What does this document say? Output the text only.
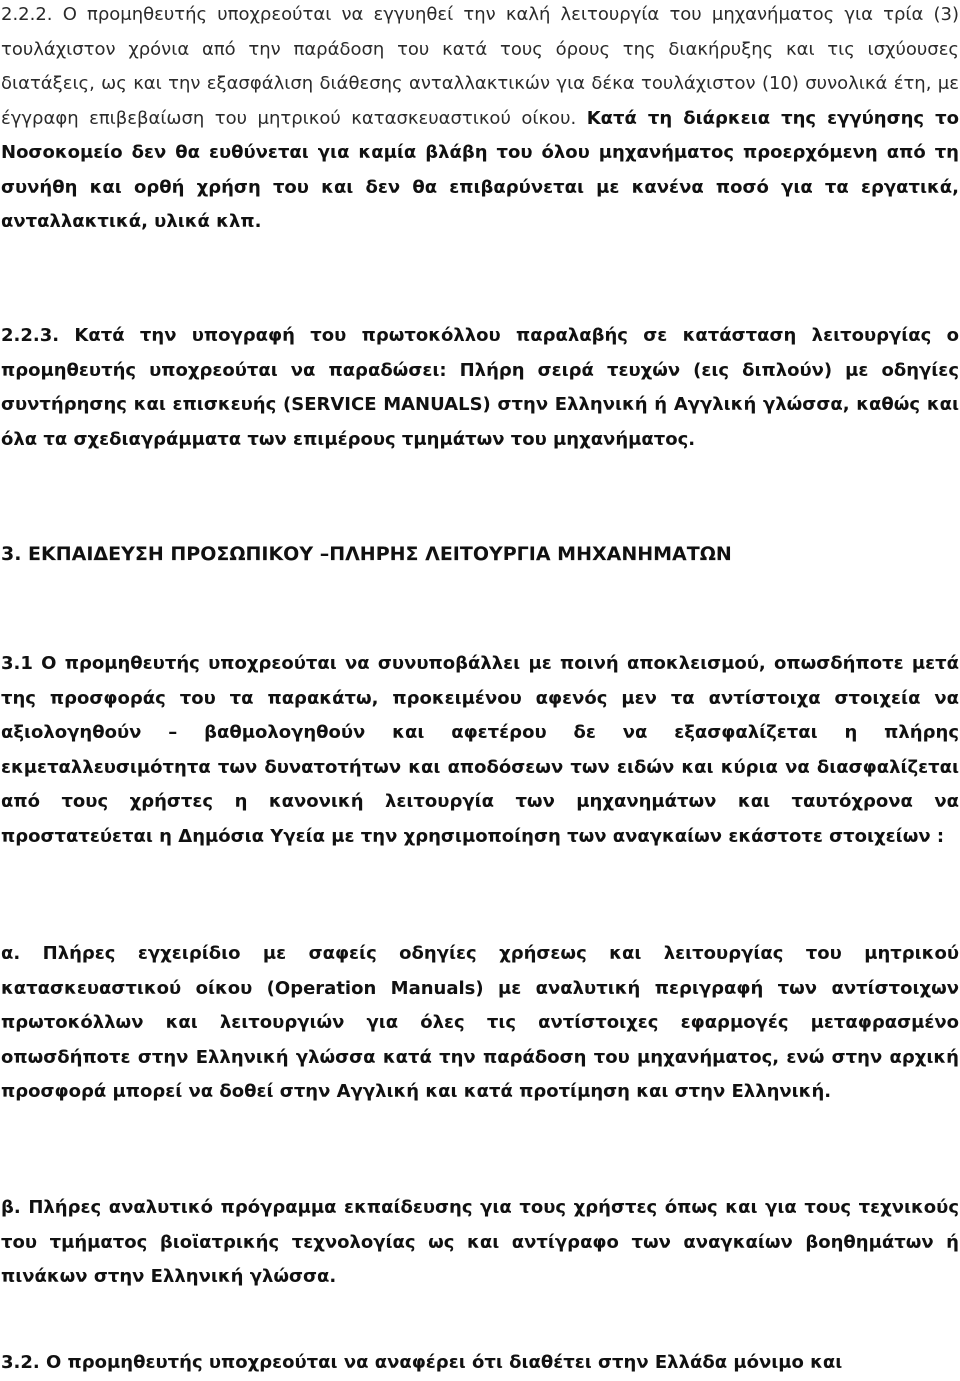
2.2.2. Ο προμηθευτής υποχρεούται να εγγυηθεί την καλή λειτουργία του μηχανήματος για τρία (3) τουλάχιστον χρόνια από την παράδοση του κατά τους όρους της διακήρυξης και τις ισχύουσες διατάξεις, ως και την εξασφάλιση διάθεσης ανταλλακτικών για δέκα τουλάχιστον (10) συνολικά έτη, με έγγραφη επιβεβαίωση του μητρικού κατασκευαστικού οίκου. Κατά τη διάρκεια της εγγύησης το Νοσοκομείο δεν θα ευθύνεται για καμία βλάβη του όλου μηχανήματος προερχόμενη από τη συνήθη και ορθή χρήση του και δεν θα επιβαρύνεται με κανένα ποσό για τα εργατικά, ανταλλακτικά, υλικά κλπ.

2.2.3. Κατά την υπογραφή του πρωτοκόλλου παραλαβής σε κατάσταση λειτουργίας ο προμηθευτής υποχρεούται να παραδώσει: Πλήρη σειρά τευχών (εις διπλούν) με οδηγίες συντήρησης και επισκευής (SERVICE MANUALS) στην Ελληνική ή Αγγλική γλώσσα, καθώς και όλα τα σχεδιαγράμματα των επιμέρους τμημάτων του μηχανήματος.

3. ΕΚΠΑΙΔΕΥΣΗ ΠΡΟΣΩΠΙΚΟΥ –ΠΛΗΡΗΣ ΛΕΙΤΟΥΡΓΙΑ ΜΗΧΑΝΗΜΑΤΩΝ

3.1 Ο προμηθευτής υποχρεούται να συνυποβάλλει με ποινή αποκλεισμού, οπωσδήποτε μετά της προσφοράς του τα παρακάτω, προκειμένου αφενός μεν τα αντίστοιχα στοιχεία να αξιολογηθούν – βαθμολογηθούν και αφετέρου δε να εξασφαλίζεται η πλήρης εκμεταλλευσιμότητα των δυνατοτήτων και αποδόσεων των ειδών και κύρια να διασφαλίζεται από τους χρήστες η κανονική λειτουργία των μηχανημάτων και ταυτόχρονα να προστατεύεται η Δημόσια Υγεία με την χρησιμοποίηση των αναγκαίων εκάστοτε στοιχείων :

α. Πλήρες εγχειρίδιο με σαφείς οδηγίες χρήσεως και λειτουργίας του μητρικού κατασκευαστικού οίκου (Operation Manuals) με αναλυτική περιγραφή των αντίστοιχων πρωτοκόλλων και λειτουργιών για όλες τις αντίστοιχες εφαρμογές μεταφρασμένο οπωσδήποτε στην Ελληνική γλώσσα κατά την παράδοση του μηχανήματος, ενώ στην αρχική προσφορά μπορεί να δοθεί στην Αγγλική και κατά προτίμηση και στην Ελληνική.

β. Πλήρες αναλυτικό πρόγραμμα εκπαίδευσης για τους χρήστες όπως και για τους τεχνικούς του τμήματος βιοϊατρικής τεχνολογίας ως και αντίγραφο των αναγκαίων βοηθημάτων ή πινάκων στην Ελληνική γλώσσα.

3.2. Ο προμηθευτής υποχρεούται να αναφέρει ότι διαθέτει στην Ελλάδα μόνιμο και
